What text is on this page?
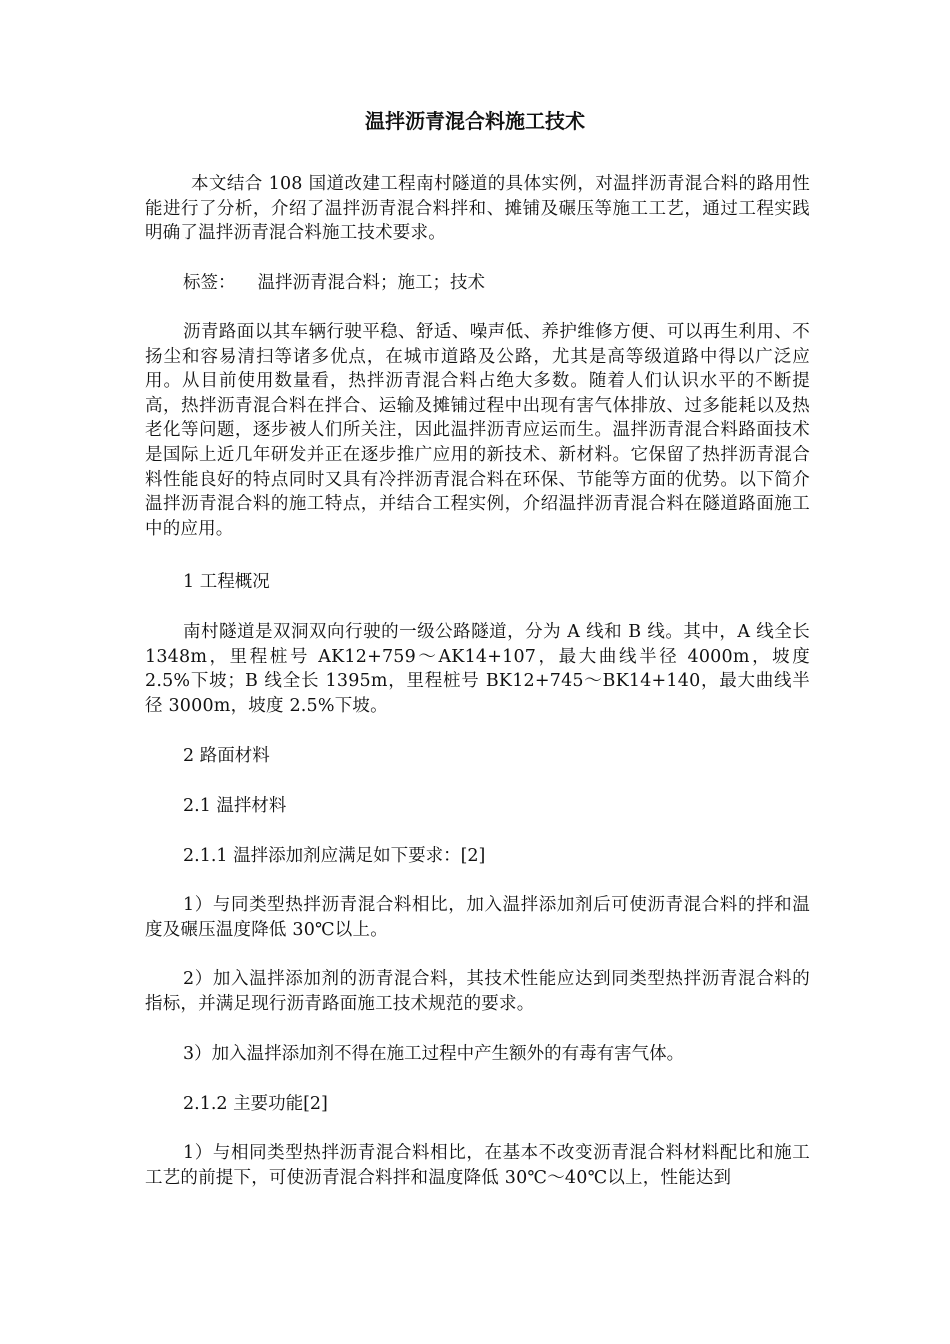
温拌沥青混合料施工技术

本文结合 108 国道改建工程南村隧道的具体实例，对温拌沥青混合料的路用性能进行了分析，介绍了温拌沥青混合料拌和、摊铺及碾压等施工工艺，通过工程实践明确了温拌沥青混合料施工技术要求。

标签： 温拌沥青混合料；施工；技术

沥青路面以其车辆行驶平稳、舒适、噪声低、养护维修方便、可以再生利用、不扬尘和容易清扫等诸多优点，在城市道路及公路，尤其是高等级道路中得以广泛应用。从目前使用数量看，热拌沥青混合料占绝大多数。随着人们认识水平的不断提高，热拌沥青混合料在拌合、运输及摊铺过程中出现有害气体排放、过多能耗以及热老化等问题，逐步被人们所关注，因此温拌沥青应运而生。温拌沥青混合料路面技术是国际上近几年研发并正在逐步推广应用的新技术、新材料。它保留了热拌沥青混合料性能良好的特点同时又具有冷拌沥青混合料在环保、节能等方面的优势。以下简介温拌沥青混合料的施工特点，并结合工程实例，介绍温拌沥青混合料在隧道路面施工中的应用。

1 工程概况

南村隧道是双洞双向行驶的一级公路隧道，分为 A 线和 B 线。其中，A 线全长 1348m，里程桩号 AK12+759～AK14+107，最大曲线半径 4000m，坡度 2.5%下坡；B 线全长 1395m，里程桩号 BK12+745～BK14+140，最大曲线半径 3000m，坡度 2.5%下坡。

2 路面材料

2.1 温拌材料

2.1.1 温拌添加剂应满足如下要求：[2]

1）与同类型热拌沥青混合料相比，加入温拌添加剂后可使沥青混合料的拌和温度及碾压温度降低 30℃以上。

2）加入温拌添加剂的沥青混合料，其技术性能应达到同类型热拌沥青混合料的指标，并满足现行沥青路面施工技术规范的要求。

3）加入温拌添加剂不得在施工过程中产生额外的有毒有害气体。

2.1.2 主要功能[2]

1）与相同类型热拌沥青混合料相比，在基本不改变沥青混合料材料配比和施工工艺的前提下，可使沥青混合料拌和温度降低 30℃～40℃以上，性能达到
